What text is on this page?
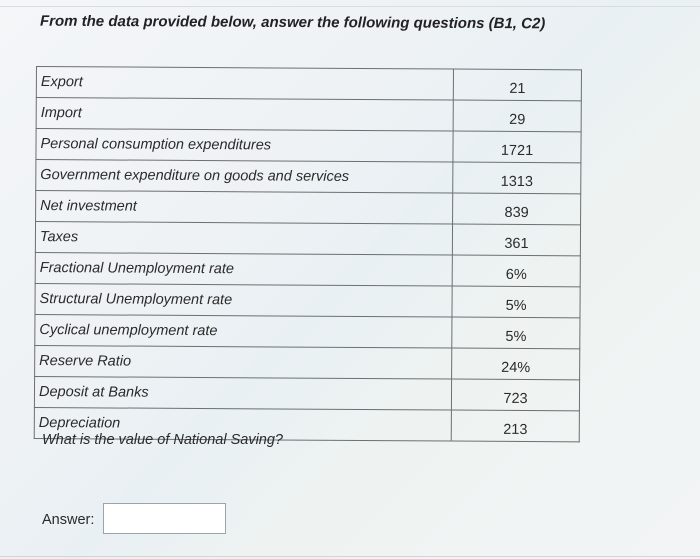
From the data provided below, answer the following questions (B1, C2)
Export	21
Import	29
Personal consumption expenditures	1721
Government expenditure on goods and services	1313
Net investment	839
Taxes	361
Fractional Unemployment rate	6%
Structural Unemployment rate	5%
Cyclical unemployment rate	5%
Reserve Ratio	24%
Deposit at Banks	723
Depreciation	213
What is the value of National Saving?
Answer:
